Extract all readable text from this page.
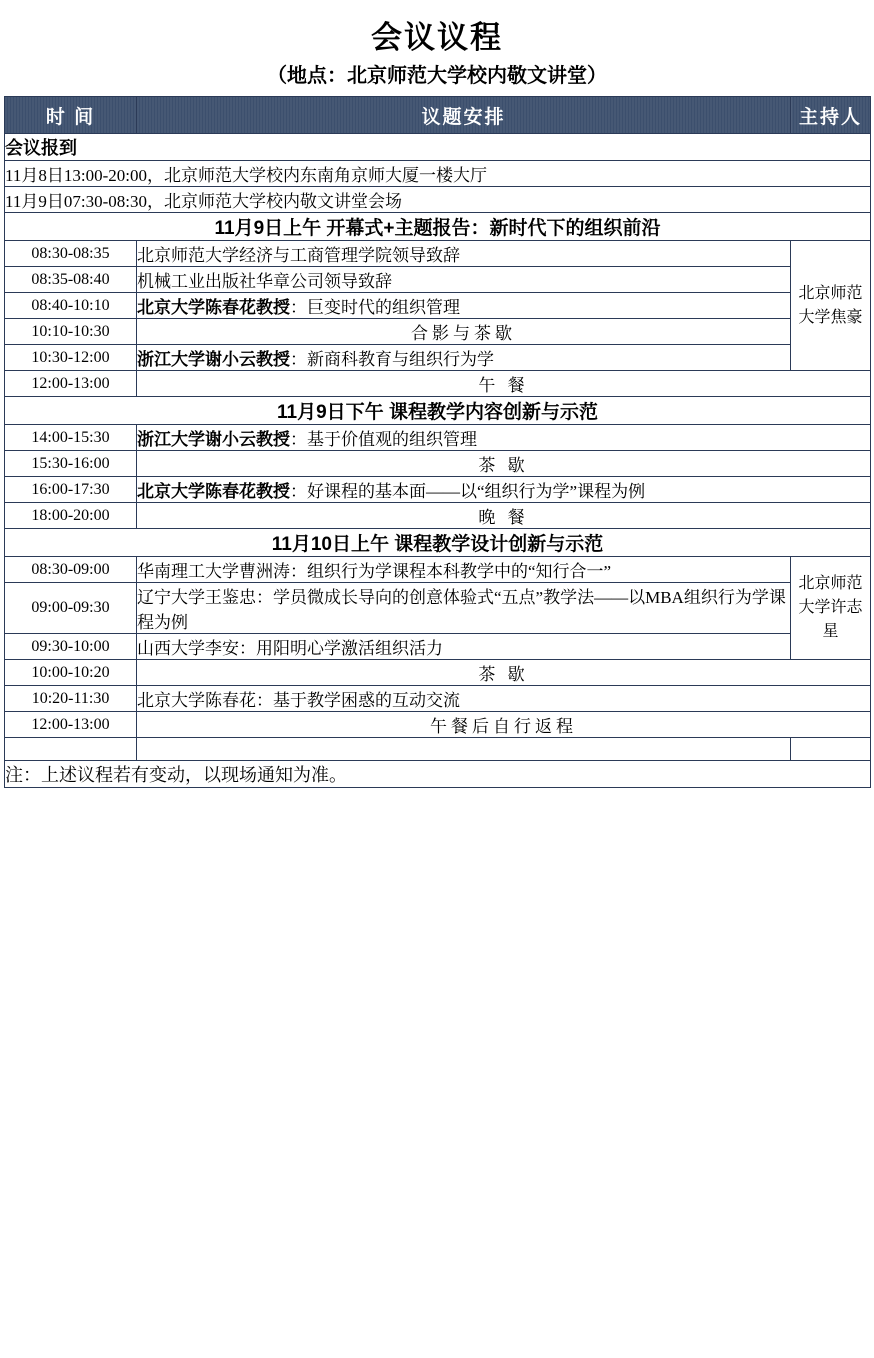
会议议程
（地点：北京师范大学校内敬文讲堂）
时 间	议题安排	主持人
会议报到		
11月8日13:00-20:00，北京师范大学校内东南角京师大厦一楼大厅		
11月9日07:30-08:30，北京师范大学校内敬文讲堂会场		
11月9日上午 开幕式+主题报告：新时代下的组织前沿		
08:30-08:35	北京师范大学经济与工商管理学院领导致辞	北京师范大学焦豪
08:35-08:40	机械工业出版社华章公司领导致辞	
08:40-10:10	北京大学陈春花教授：巨变时代的组织管理	
10:10-10:30	合影与茶歇	
10:30-12:00	浙江大学谢小云教授：新商科教育与组织行为学	
12:00-13:00	午 餐	
11月9日下午 课程教学内容创新与示范		
14:00-15:30	浙江大学谢小云教授：基于价值观的组织管理	
15:30-16:00	茶 歇	
16:00-17:30	北京大学陈春花教授：好课程的基本面——以“组织行为学”课程为例	
18:00-20:00	晚 餐	
11月10日上午 课程教学设计创新与示范		
08:30-09:00	华南理工大学曹洲涛：组织行为学课程本科教学中的“知行合一”	北京师范大学许志星
09:00-09:30	辽宁大学王鉴忠：学员微成长导向的创意体验式“五点”教学法——以MBA组织行为学课程为例	
09:30-10:00	山西大学李安：用阳明心学激活组织活力	
10:00-10:20	茶 歇	
10:20-11:30	北京大学陈春花：基于教学困惑的互动交流	
12:00-13:00	午餐后自行返程	

注：上述议程若有变动，以现场通知为准。		
